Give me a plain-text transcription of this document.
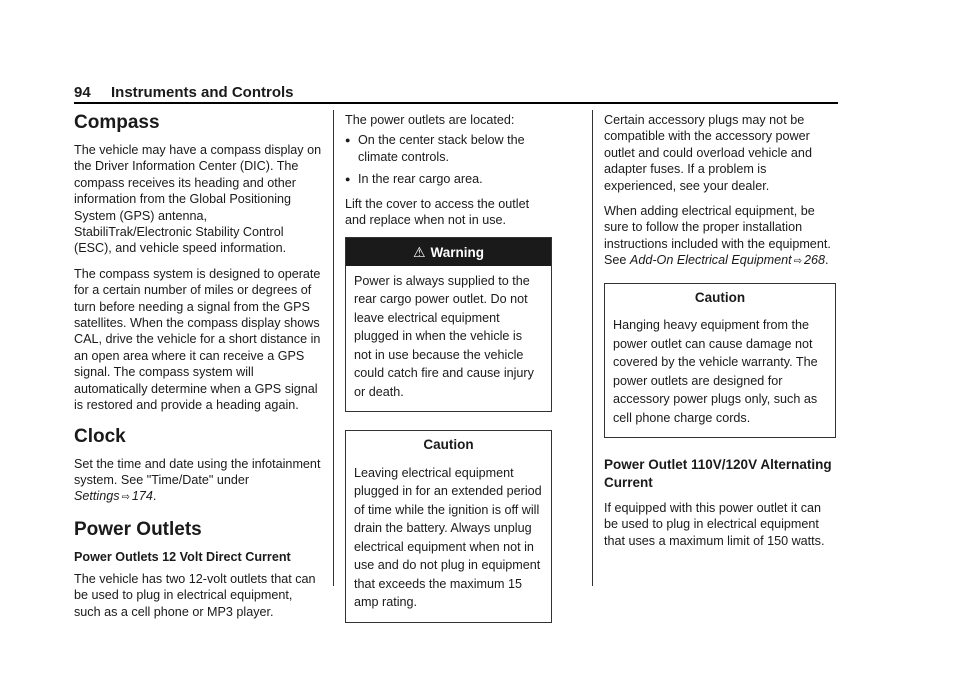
94 Instruments and Controls
Compass

The vehicle may have a compass display on the Driver Information Center (DIC). The compass receives its heading and other information from the Global Positioning System (GPS) antenna, StabiliTrak/Electronic Stability Control (ESC), and vehicle speed information.

The compass system is designed to operate for a certain number of miles or degrees of turn before needing a signal from the GPS satellites. When the compass display shows CAL, drive the vehicle for a short distance in an open area where it can receive a GPS signal. The compass system will automatically determine when a GPS signal is restored and provide a heading again.

Clock

Set the time and date using the infotainment system. See "Time/Date" under Settings ⇨ 174.

Power Outlets
Power Outlets 12 Volt Direct Current

The vehicle has two 12-volt outlets that can be used to plug in electrical equipment, such as a cell phone or MP3 player.

The power outlets are located:

● On the center stack below the climate controls.
● In the rear cargo area.

Lift the cover to access the outlet and replace when not in use.

⚠ Warning
Power is always supplied to the rear cargo power outlet. Do not leave electrical equipment plugged in when the vehicle is not in use because the vehicle could catch fire and cause injury or death.
Caution
Leaving electrical equipment plugged in for an extended period of time while the ignition is off will drain the battery. Always unplug electrical equipment when not in use and do not plug in equipment that exceeds the maximum 15 amp rating.

Certain accessory plugs may not be compatible with the accessory power outlet and could overload vehicle and adapter fuses. If a problem is experienced, see your dealer.

When adding electrical equipment, be sure to follow the proper installation instructions included with the equipment. See Add-On Electrical Equipment ⇨ 268.

Caution
Hanging heavy equipment from the power outlet can cause damage not covered by the vehicle warranty. The power outlets are designed for accessory power plugs only, such as cell phone charge cords.
Power Outlet 110V/120V Alternating Current

If equipped with this power outlet it can be used to plug in electrical equipment that uses a maximum limit of 150 watts.
